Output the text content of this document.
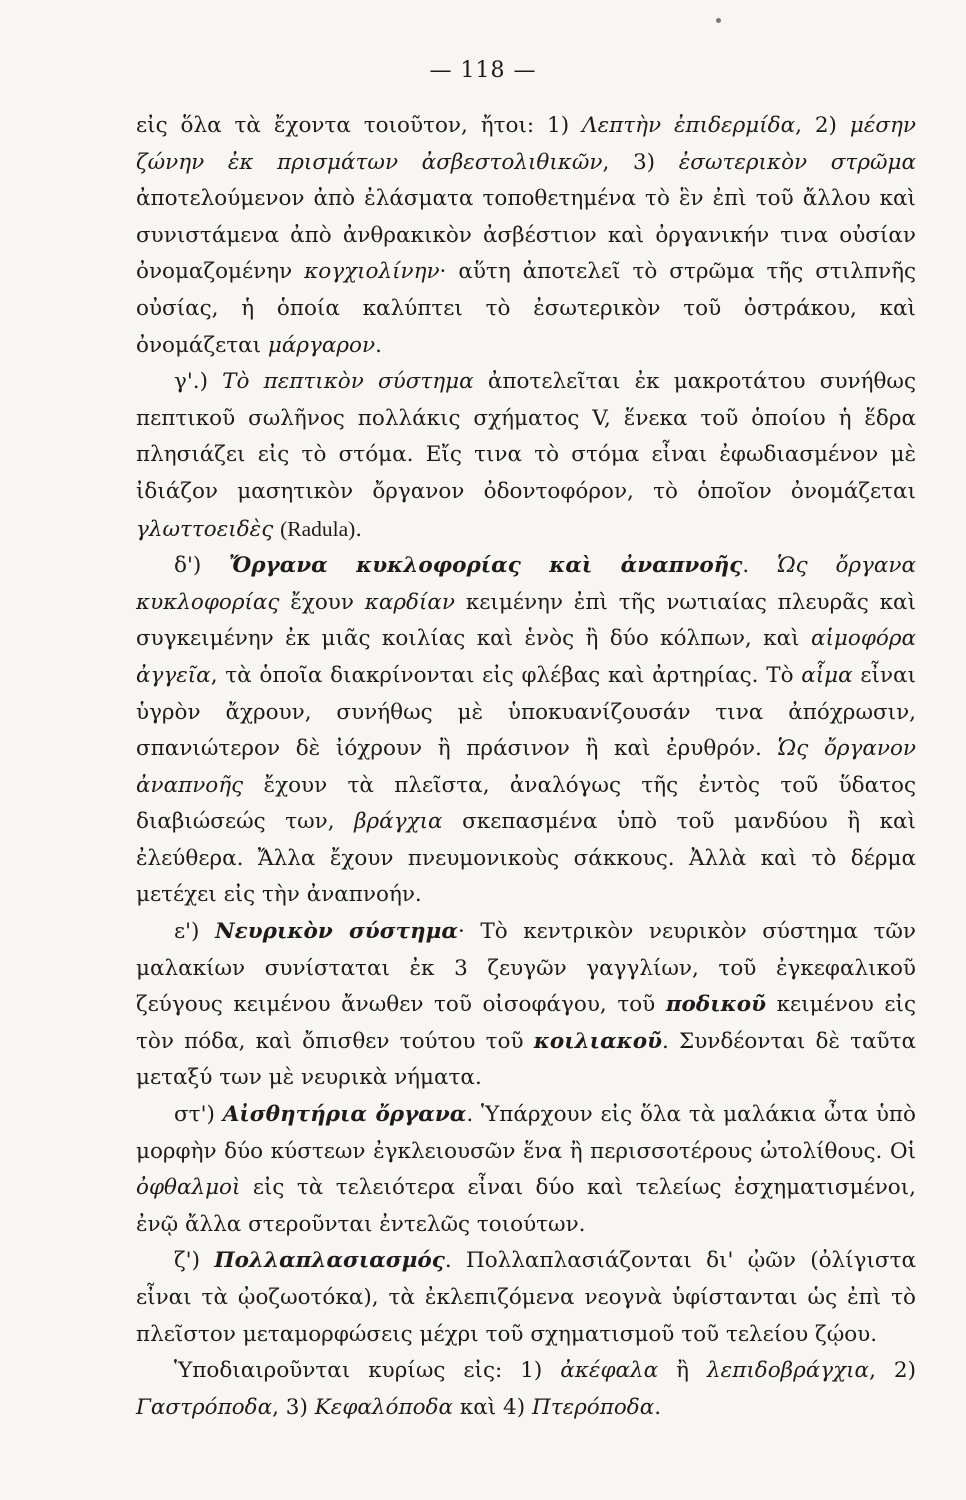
— 118 —

εἰς ὅλα τὰ ἔχοντα τοιοῦτον, ἤτοι: 1) Λεπτὴν ἐπιδερμίδα, 2) μέσην ζώνην ἐκ πρισμάτων ἀσβεστολιθικῶν, 3) ἐσωτερικὸν στρῶμα ἀποτελούμενον ἀπὸ ἐλάσματα τοποθετημένα τὸ ἓν ἐπὶ τοῦ ἄλλου καὶ συνιστάμενα ἀπὸ ἀνθρακικὸν ἀσβέστιον καὶ ὀργανικήν τινα οὐσίαν ὀνομαζομένην κογχιολίνην· αὕτη ἀποτελεῖ τὸ στρῶμα τῆς στιλπνῆς οὐσίας, ἡ ὁποία καλύπτει τὸ ἐσωτερικὸν τοῦ ὀστράκου, καὶ ὀνομάζεται μάργαρον.

γ'.) Τὸ πεπτικὸν σύστημα ἀποτελεῖται ἐκ μακροτάτου συνήθως πεπτικοῦ σωλῆνος πολλάκις σχήματος V, ἕνεκα τοῦ ὁποίου ἡ ἕδρα πλησιάζει εἰς τὸ στόμα. Εἴς τινα τὸ στόμα εἶναι ἐφωδιασμένον μὲ ἰδιάζον μασητικὸν ὄργανον ὀδοντοφόρον, τὸ ὁποῖον ὀνομάζεται γλωττοειδὲς (Radula).

δ') Ὄργανα κυκλοφορίας καὶ ἀναπνοῆς. Ὡς ὄργανα κυκλοφορίας ἔχουν καρδίαν κειμένην ἐπὶ τῆς νωτιαίας πλευρᾶς καὶ συγκειμένην ἐκ μιᾶς κοιλίας καὶ ἑνὸς ἢ δύο κόλπων, καὶ αἱμοφόρα ἀγγεῖα, τὰ ὁποῖα διακρίνονται εἰς φλέβας καὶ ἀρτηρίας. Τὸ αἷμα εἶναι ὑγρὸν ἄχρουν, συνήθως μὲ ὑποκυανίζουσάν τινα ἀπόχρωσιν, σπανιώτερον δὲ ἰόχρουν ἢ πράσινον ἢ καὶ ἐρυθρόν. Ὡς ὄργανον ἀναπνοῆς ἔχουν τὰ πλεῖστα, ἀναλόγως τῆς ἐντὸς τοῦ ὕδατος διαβιώσεώς των, βράγχια σκεπασμένα ὑπὸ τοῦ μανδύου ἢ καὶ ἐλεύθερα. Ἄλλα ἔχουν πνευμονικοὺς σάκκους. Ἀλλὰ καὶ τὸ δέρμα μετέχει εἰς τὴν ἀναπνοήν.

ε') Νευρικὸν σύστημα· Τὸ κεντρικὸν νευρικὸν σύστημα τῶν μαλακίων συνίσταται ἐκ 3 ζευγῶν γαγγλίων, τοῦ ἐγκεφαλικοῦ ζεύγους κειμένου ἄνωθεν τοῦ οἰσοφάγου, τοῦ ποδικοῦ κειμένου εἰς τὸν πόδα, καὶ ὄπισθεν τούτου τοῦ κοιλιακοῦ. Συνδέονται δὲ ταῦτα μεταξύ των μὲ νευρικὰ νήματα.

στ') Αἰσθητήρια ὄργανα. Ὑπάρχουν εἰς ὅλα τὰ μαλάκια ὦτα ὑπὸ μορφὴν δύο κύστεων ἐγκλειουσῶν ἕνα ἢ περισσοτέρους ὠτολίθους. Οἱ ὀφθαλμοὶ εἰς τὰ τελειότερα εἶναι δύο καὶ τελείως ἐσχηματισμένοι, ἐνῷ ἄλλα στεροῦνται ἐντελῶς τοιούτων.

ζ') Πολλαπλασιασμός. Πολλαπλασιάζονται δι' ᾠῶν (ὀλίγιστα εἶναι τὰ ᾠοζωοτόκα), τὰ ἐκλεπιζόμενα νεογνὰ ὑφίστανται ὡς ἐπὶ τὸ πλεῖστον μεταμορφώσεις μέχρι τοῦ σχηματισμοῦ τοῦ τελείου ζῴου.

Ὑποδιαιροῦνται κυρίως εἰς: 1) ἀκέφαλα ἢ λεπιδοβράγχια, 2) Γαστρόποδα, 3) Κεφαλόποδα καὶ 4) Πτερόποδα.
